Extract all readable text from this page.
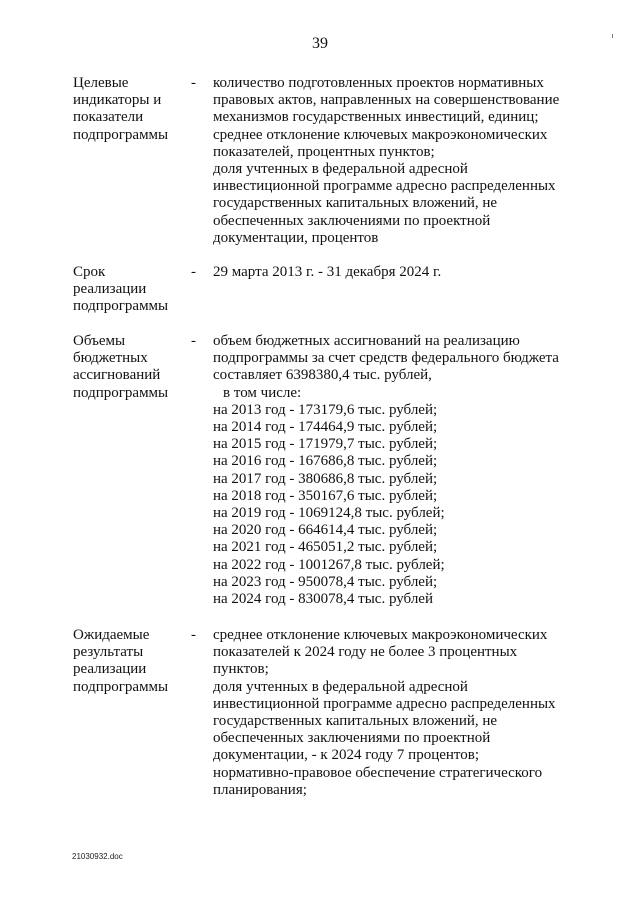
39
Целевые
индикаторы и
показатели
подпрограммы
- количество подготовленных проектов нормативных
правовых актов, направленных на совершенствование
механизмов государственных инвестиций, единиц;
среднее отклонение ключевых макроэкономических
показателей, процентных пунктов;
доля учтенных в федеральной адресной
инвестиционной программе адресно распределенных
государственных капитальных вложений, не
обеспеченных заключениями по проектной
документации, процентов
Срок
реализации
подпрограммы
- 29 марта 2013 г. - 31 декабря 2024 г.
Объемы
бюджетных
ассигнований
подпрограммы
- объем бюджетных ассигнований на реализацию
подпрограммы за счет средств федерального бюджета
составляет 6398380,4 тыс. рублей,
в том числе:
на 2013 год - 173179,6 тыс. рублей;
на 2014 год - 174464,9 тыс. рублей;
на 2015 год - 171979,7 тыс. рублей;
на 2016 год - 167686,8 тыс. рублей;
на 2017 год - 380686,8 тыс. рублей;
на 2018 год - 350167,6 тыс. рублей;
на 2019 год - 1069124,8 тыс. рублей;
на 2020 год - 664614,4 тыс. рублей;
на 2021 год - 465051,2 тыс. рублей;
на 2022 год - 1001267,8 тыс. рублей;
на 2023 год - 950078,4 тыс. рублей;
на 2024 год - 830078,4 тыс. рублей
Ожидаемые
результаты
реализации
подпрограммы
- среднее отклонение ключевых макроэкономических
показателей к 2024 году не более 3 процентных
пунктов;
доля учтенных в федеральной адресной
инвестиционной программе адресно распределенных
государственных капитальных вложений, не
обеспеченных заключениями по проектной
документации, - к 2024 году 7 процентов;
нормативно-правовое обеспечение стратегического
планирования;
21030932.doc
